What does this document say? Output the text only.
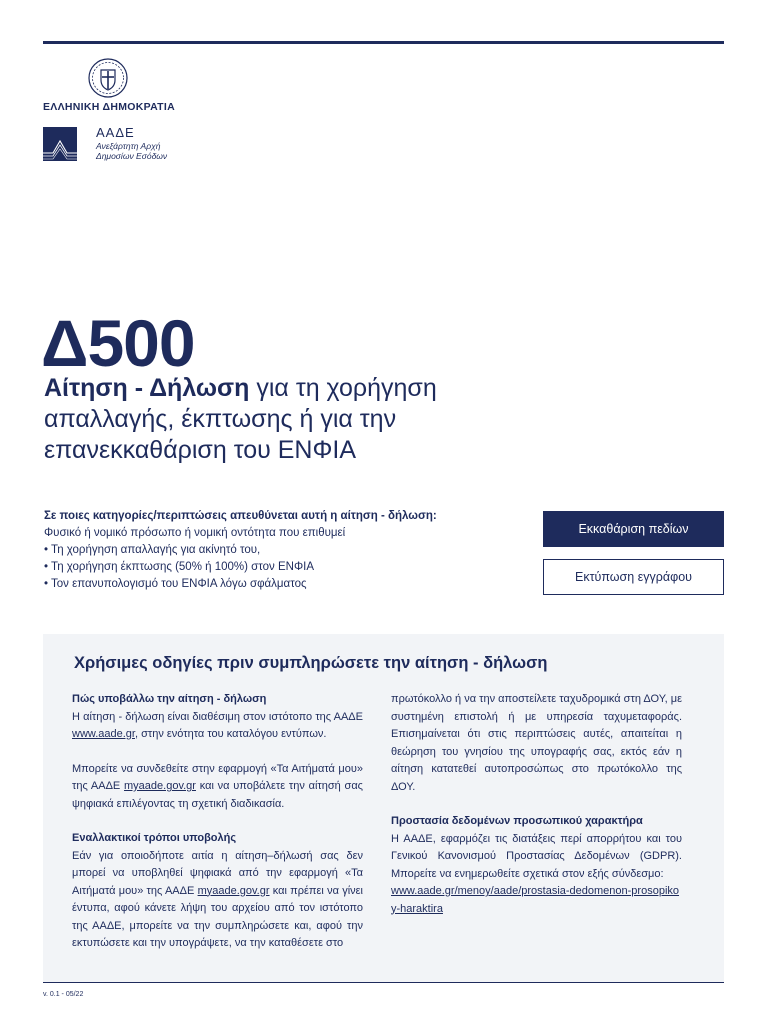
ΕΛΛΗΝΙΚΗ ΔΗΜΟΚΡΑΤΙΑ
ΑΑΔΕ
Ανεξάρτητη Αρχή
Δημοσίων Εσόδων
Δ500
Αίτηση - Δήλωση για τη χορήγηση απαλλαγής, έκπτωσης ή για την επανεκκαθάριση του ΕΝΦΙΑ
Σε ποιες κατηγορίες/περιπτώσεις απευθύνεται αυτή η αίτηση - δήλωση:
Φυσικό ή νομικό πρόσωπο ή νομική οντότητα που επιθυμεί
• Τη χορήγηση απαλλαγής για ακίνητό του,
• Τη χορήγηση έκπτωσης (50% ή 100%) στον ΕΝΦΙΑ
• Τον επανυπολογισμό του ΕΝΦΙΑ λόγω σφάλματος
Εκκαθάριση πεδίων
Εκτύπωση εγγράφου
Χρήσιμες οδηγίες πριν συμπληρώσετε την αίτηση - δήλωση
Πώς υποβάλλω την αίτηση - δήλωση
Η αίτηση - δήλωση είναι διαθέσιμη στον ιστότοπο της ΑΑΔΕ www.aade.gr, στην ενότητα του καταλόγου εντύπων.
Μπορείτε να συνδεθείτε στην εφαρμογή «Τα Αιτήματά μου» της ΑΑΔΕ myaade.gov.gr και να υποβάλετε την αίτησή σας ψηφιακά επιλέγοντας τη σχετική διαδικασία.
Εναλλακτικοί τρόποι υποβολής
Εάν για οποιοδήποτε αιτία η αίτηση–δήλωσή σας δεν μπορεί να υποβληθεί ψηφιακά από την εφαρμογή «Τα Αιτήματά μου» της ΑΑΔΕ myaade.gov.gr και πρέπει να γίνει έντυπα, αφού κάνετε λήψη του αρχείου από τον ιστότοπο της ΑΑΔΕ, μπορείτε να την συμπληρώσετε και, αφού την εκτυπώσετε και την υπογράψετε, να την καταθέσετε στο
πρωτόκολλο ή να την αποστείλετε ταχυδρομικά στη ΔΟΥ, με συστημένη επιστολή ή με υπηρεσία ταχυμεταφοράς. Επισημαίνεται ότι στις περιπτώσεις αυτές, απαιτείται η θεώρηση του γνησίου της υπογραφής σας, εκτός εάν η αίτηση κατατεθεί αυτοπροσώπως στο πρωτόκολλο της ΔΟΥ.
Προστασία δεδομένων προσωπικού χαρακτήρα
Η ΑΑΔΕ, εφαρμόζει τις διατάξεις περί απορρήτου και του Γενικού Κανονισμού Προστασίας Δεδομένων (GDPR). Μπορείτε να ενημερωθείτε σχετικά στον εξής σύνδεσμο:
www.aade.gr/menoy/aade/prostasia-dedomenon-prosopikoy-haraktira
v. 0.1 - 05/22
